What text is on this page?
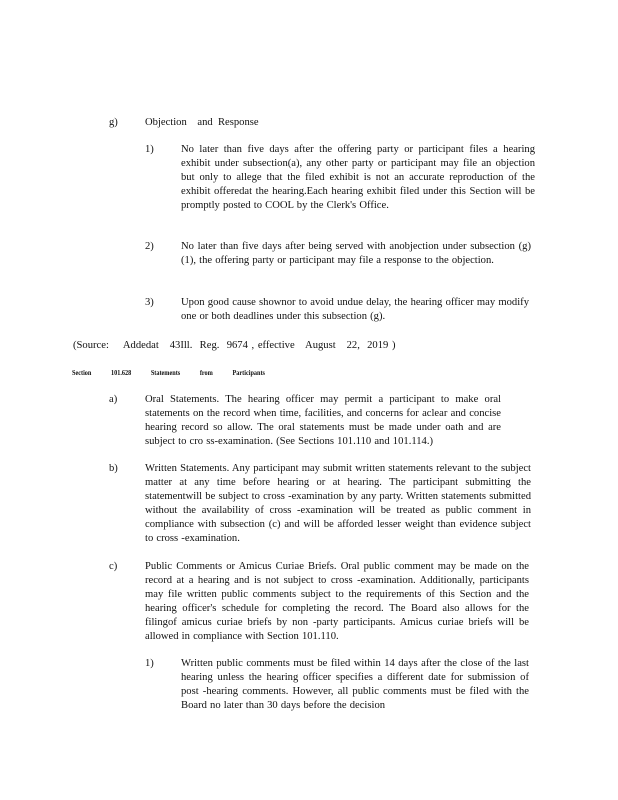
g)	Objection    and  Response
1)	No later than five days after the offering party or participant files a hearing exhibit under subsection(a), any other party or participant may file an objection but only to allege that the filed exhibit is not an accurate reproduction of the exhibit offeredat the hearing.Each hearing exhibit filed under this Section will be promptly posted to COOL by the Clerk's Office.
2)	No later than five days after being served with anobjection under subsection (g)(1), the offering party or participant may file a response to the objection.
3)	Upon good cause shownor to avoid undue delay, the hearing officer may modify one or both deadlines under this subsection (g).
(Source:    Addedat   43Ill.  Reg.  9674 , effective   August   22,  2019 )
Section	101.628	Statements	from	Participants
a)	Oral Statements. The hearing officer may permit a participant to make oral statements on the record when time, facilities, and concerns for aclear and concise hearing record so allow. The oral statements must be made under oath and are subject to cro ss-examination. (See Sections 101.110 and 101.114.)
b)	Written Statements. Any participant may submit written statements relevant to the subject matter at any time before hearing or at hearing. The participant submitting the statementwill be subject to cross -examination by any party. Written statements submitted without the availability of cross -examination will be treated as public comment in compliance with subsection (c) and will be afforded lesser weight than evidence subject to cross -examination.
c)	Public Comments or Amicus Curiae Briefs. Oral public comment may be made on the record at a hearing and is not subject to cross -examination. Additionally, participants may file written public comments subject to the requirements of this Section and the hearing officer's schedule for completing the record. The Board also allows for the filingof amicus curiae briefs by non -party participants. Amicus curiae briefs will be allowed in compliance with Section 101.110.
1)	Written public comments must be filed within 14 days after the close of the last hearing unless the hearing officer specifies a different date for submission of post -hearing comments. However, all public comments must be filed with the Board no later than 30 days before the decision
